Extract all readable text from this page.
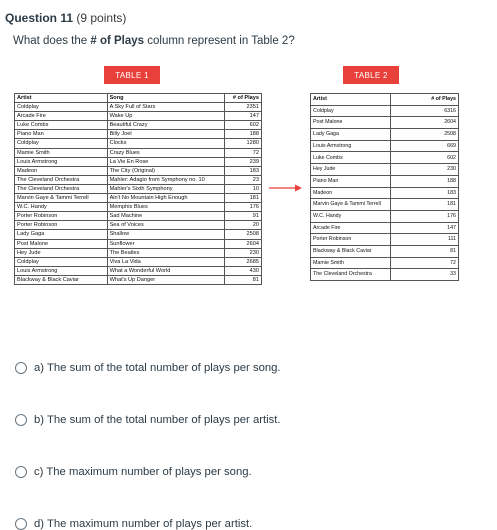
Question 11 (9 points)
What does the # of Plays column represent in Table 2?
TABLE 1	TABLE 2
Artist	Song	# of Plays
Coldplay	A Sky Full of Stars	2351
Arcade Fire	Wake Up	147
Luke Combs	Beautiful Crazy	602
Piano Man	Billy Joel	188
Coldplay	Clocks	1280
Mamie Smith	Crazy Blues	72
Louis Armstrong	La Vie En Rose	239
Madeon	The City (Original)	183
The Cleveland Orchestra	Mahler: Adagio from Symphony no. 10	23
The Cleveland Orchestra	Mahler's Sixth Symphony	10
Marvin Gaye & Tammi Terrell	Ain't No Mountain High Enough	181
W.C. Handy	Memphis Blues	176
Porter Robinson	Sad Machine	91
Porter Robinson	Sea of Voices	20
Lady Gaga	Shallow	2508
Post Malone	Sunflower	2604
Hey Jude	The Beatles	230
Coldplay	Viva La Vida	2685
Louis Armstrong	What a Wonderful World	430
Blackway & Black Caviar	What's Up Danger	81
Artist	# of Plays
Coldplay	6316
Post Malone	2604
Lady Gaga	2508
Louis Armstrong	669
Luke Combs	602
Hey Jude	230
Piano Man	188
Madeon	183
Marvin Gaye & Tammi Terrell	181
W.C. Handy	176
Arcade Fire	147
Porter Robinson	111
Blackway & Black Caviar	81
Mamie Smith	72
The Cleveland Orchestra	33
a) The sum of the total number of plays per song.
b) The sum of the total number of plays per artist.
c) The maximum number of plays per song.
d) The maximum number of plays per artist.
